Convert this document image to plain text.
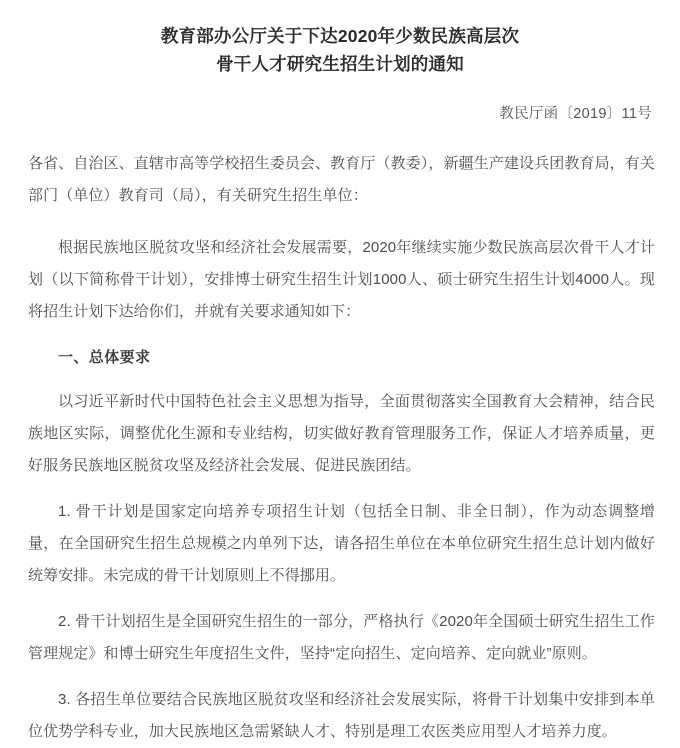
教育部办公厅关于下达2020年少数民族高层次
骨干人才研究生招生计划的通知

教民厅函〔2019〕11号

各省、自治区、直辖市高等学校招生委员会、教育厅（教委），新疆生产建设兵团教育局，有关部门（单位）教育司（局），有关研究生招生单位：

根据民族地区脱贫攻坚和经济社会发展需要，2020年继续实施少数民族高层次骨干人才计划（以下简称骨干计划），安排博士研究生招生计划1000人、硕士研究生招生计划4000人。现将招生计划下达给你们，并就有关要求通知如下：

一、总体要求

以习近平新时代中国特色社会主义思想为指导，全面贯彻落实全国教育大会精神，结合民族地区实际，调整优化生源和专业结构，切实做好教育管理服务工作，保证人才培养质量，更好服务民族地区脱贫攻坚及经济社会发展、促进民族团结。

1. 骨干计划是国家定向培养专项招生计划（包括全日制、非全日制），作为动态调整增量，在全国研究生招生总规模之内单列下达，请各招生单位在本单位研究生招生总计划内做好统筹安排。未完成的骨干计划原则上不得挪用。

2. 骨干计划招生是全国研究生招生的一部分，严格执行《2020年全国硕士研究生招生工作管理规定》和博士研究生年度招生文件，坚持“定向招生、定向培养、定向就业”原则。

3. 各招生单位要结合民族地区脱贫攻坚和经济社会发展实际，将骨干计划集中安排到本单位优势学科专业，加大民族地区急需紧缺人才、特别是理工农医类应用型人才培养力度。
